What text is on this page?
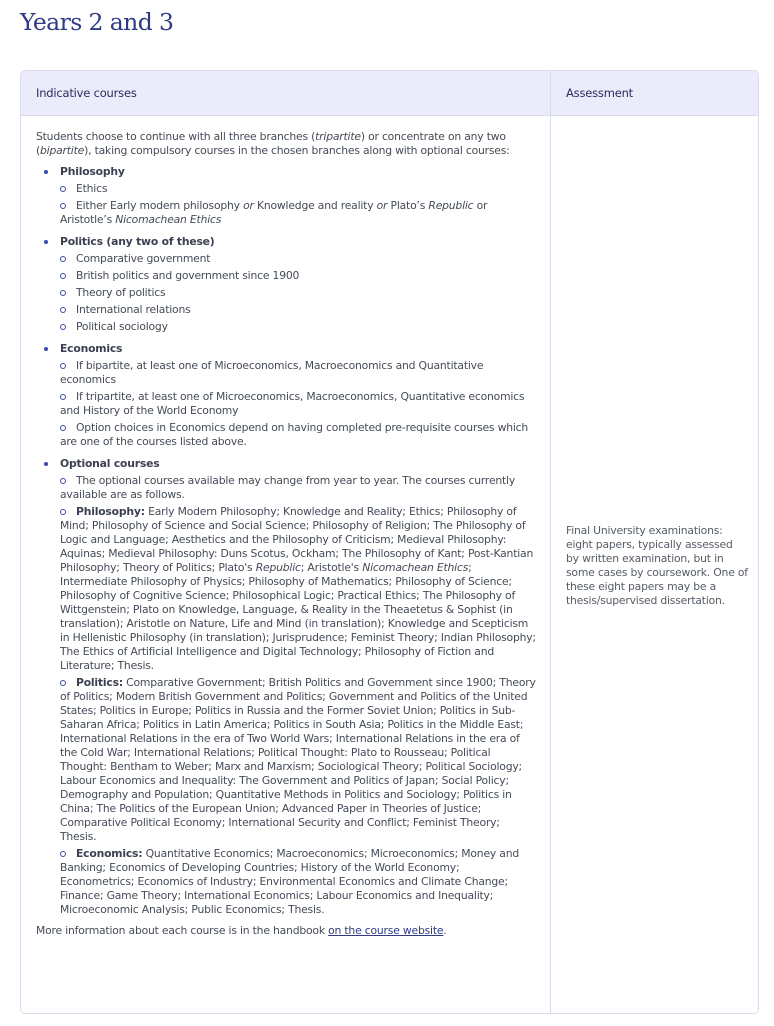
Years 2 and 3
Indicative courses	Assessment

Students choose to continue with all three branches (tripartite) or concentrate on any two (bipartite), taking compulsory courses in the chosen branches along with optional courses:

Philosophy
Ethics
Either Early modern philosophy or Knowledge and reality or Plato’s Republic or Aristotle’s Nicomachean Ethics
Politics (any two of these)
Comparative government
British politics and government since 1900
Theory of politics
International relations
Political sociology
Economics
If bipartite, at least one of Microeconomics, Macroeconomics and Quantitative economics
If tripartite, at least one of Microeconomics, Macroeconomics, Quantitative economics and History of the World Economy
Option choices in Economics depend on having completed pre-requisite courses which are one of the courses listed above.
Optional courses
The optional courses available may change from year to year. The courses currently available are as follows.
Philosophy: Early Modern Philosophy; Knowledge and Reality; Ethics; Philosophy of Mind; Philosophy of Science and Social Science; Philosophy of Religion; The Philosophy of Logic and Language; Aesthetics and the Philosophy of Criticism; Medieval Philosophy: Aquinas; Medieval Philosophy: Duns Scotus, Ockham; The Philosophy of Kant; Post-Kantian Philosophy; Theory of Politics; Plato's Republic; Aristotle's Nicomachean Ethics; Intermediate Philosophy of Physics; Philosophy of Mathematics; Philosophy of Science; Philosophy of Cognitive Science; Philosophical Logic; Practical Ethics; The Philosophy of Wittgenstein; Plato on Knowledge, Language, & Reality in the Theaetetus & Sophist (in translation); Aristotle on Nature, Life and Mind (in translation); Knowledge and Scepticism in Hellenistic Philosophy (in translation); Jurisprudence; Feminist Theory; Indian Philosophy; The Ethics of Artificial Intelligence and Digital Technology; Philosophy of Fiction and Literature; Thesis.
Politics: Comparative Government; British Politics and Government since 1900; Theory of Politics; Modern British Government and Politics; Government and Politics of the United States; Politics in Europe; Politics in Russia and the Former Soviet Union; Politics in Sub-Saharan Africa; Politics in Latin America; Politics in South Asia; Politics in the Middle East; International Relations in the era of Two World Wars; International Relations in the era of the Cold War; International Relations; Political Thought: Plato to Rousseau; Political Thought: Bentham to Weber; Marx and Marxism; Sociological Theory; Political Sociology; Labour Economics and Inequality: The Government and Politics of Japan; Social Policy; Demography and Population; Quantitative Methods in Politics and Sociology; Politics in China; The Politics of the European Union; Advanced Paper in Theories of Justice; Comparative Political Economy; International Security and Conflict; Feminist Theory; Thesis.
Economics: Quantitative Economics; Macroeconomics; Microeconomics; Money and Banking; Economics of Developing Countries; History of the World Economy; Econometrics; Economics of Industry; Environmental Economics and Climate Change; Finance; Game Theory; International Economics; Labour Economics and Inequality; Microeconomic Analysis; Public Economics; Thesis.
More information about each course is in the handbook on the course website.
Final University examinations: eight papers, typically assessed by written examination, but in some cases by coursework. One of these eight papers may be a thesis/supervised dissertation.
